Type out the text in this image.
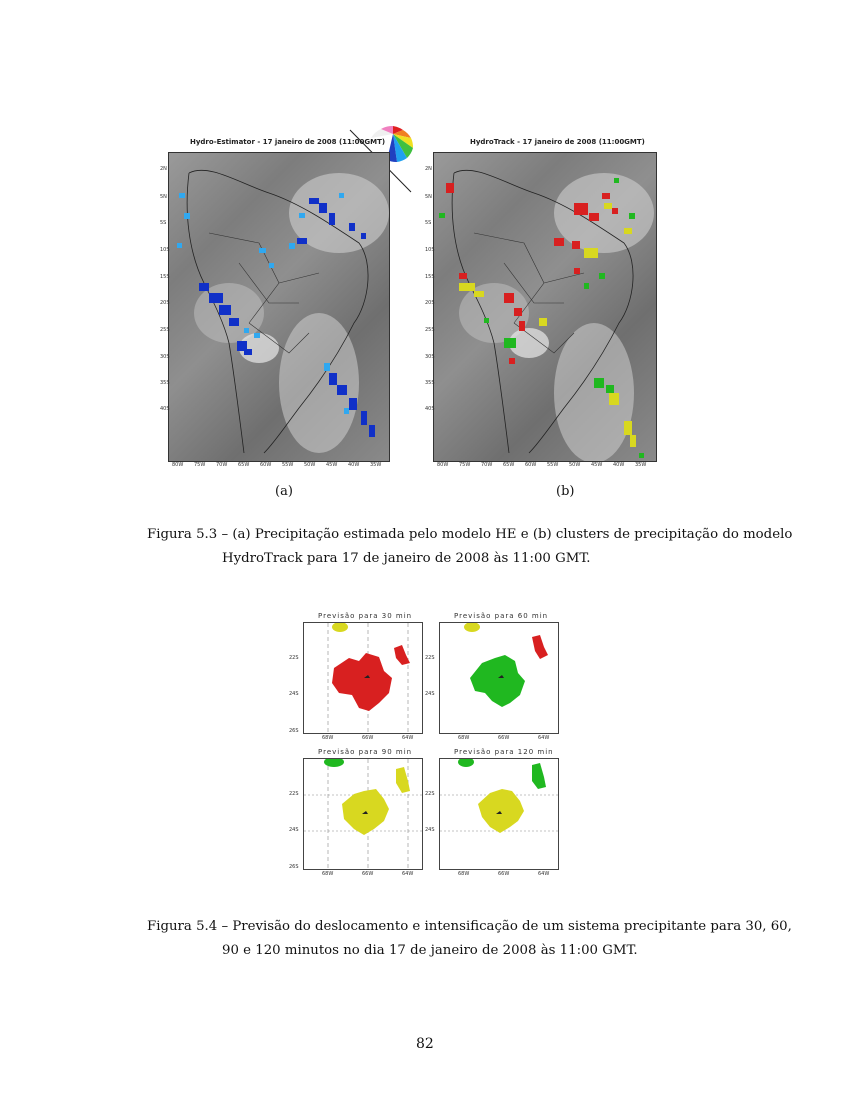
Hydro-Estimator - 17 janeiro de 2008 (11:00GMT)
2N
5N
5S
10S
15S
20S
25S
30S
35S
40S
80W 75W 70W 65W 60W 55W 50W 45W 40W 35W
HydroTrack - 17 janeiro de 2008 (11:00GMT)
2N
5N
5S
10S
15S
20S
25S
30S
35S
40S
80W 75W 70W 65W 60W 55W 50W 45W 40W 35W
(a)	(b)
Figura 5.3 – (a) Precipitação estimada pelo modelo HE e (b) clusters de precipitação do modelo
HydroTrack para 17 de janeiro de 2008 às 11:00 GMT.
Previsão para 30 min	Previsão para 60 min
Previsão para 90 min	Previsão para 120 min
22S
24S
26S
22S
24S
22S
24S
26S
22S
24S
68W	66W	64W	68W	66W	64W
68W	66W	64W	68W	66W	64W
Figura 5.4 – Previsão do deslocamento e intensificação de um sistema precipitante para 30, 60,
90 e 120 minutos no dia 17 de janeiro de 2008 às 11:00 GMT.
82
